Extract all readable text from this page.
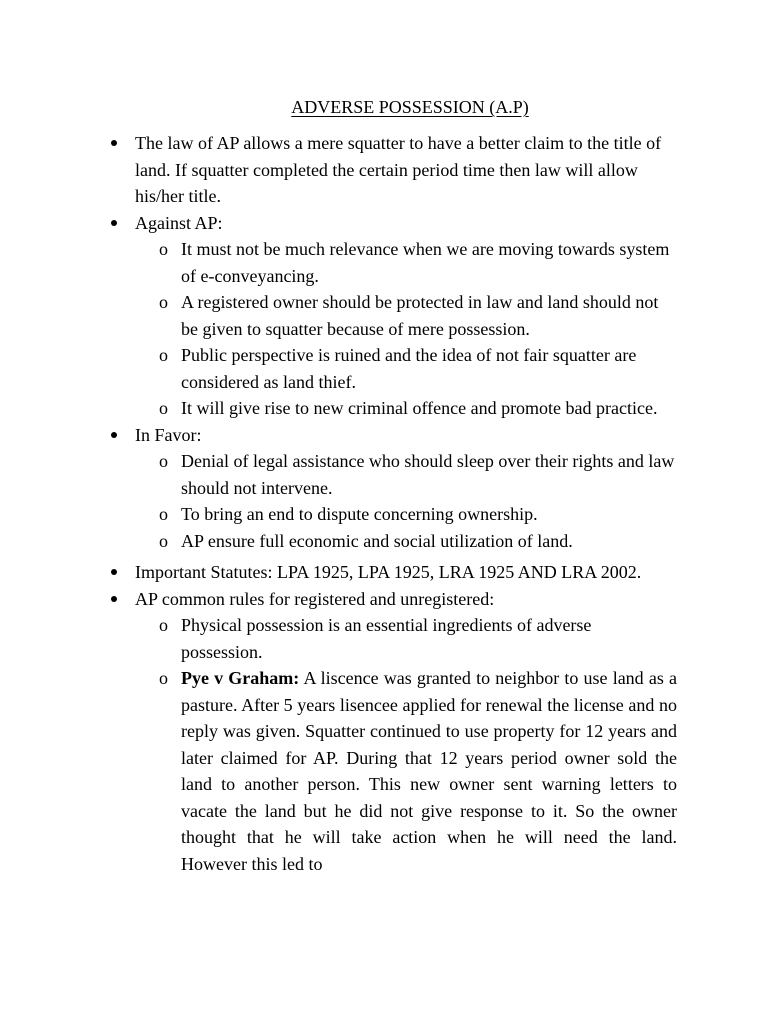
ADVERSE POSSESSION (A.P)
The law of AP allows a mere squatter to have a better claim to the title of land. If squatter completed the certain period time then law will allow his/her title.
Against AP:
o It must not be much relevance when we are moving towards system of e-conveyancing.
o A registered owner should be protected in law and land should not be given to squatter because of mere possession.
o Public perspective is ruined and the idea of not fair squatter are considered as land thief.
o It will give rise to new criminal offence and promote bad practice.
In Favor:
o Denial of legal assistance who should sleep over their rights and law should not intervene.
o To bring an end to dispute concerning ownership.
o AP ensure full economic and social utilization of land.
Important Statutes: LPA 1925, LPA 1925, LRA 1925 AND LRA 2002.
AP common rules for registered and unregistered:
o Physical possession is an essential ingredients of adverse possession.
o Pye v Graham: A liscence was granted to neighbor to use land as a pasture. After 5 years lisencee applied for renewal the license and no reply was given. Squatter continued to use property for 12 years and later claimed for AP. During that 12 years period owner sold the land to another person. This new owner sent warning letters to vacate the land but he did not give response to it. So the owner thought that he will take action when he will need the land. However this led to
